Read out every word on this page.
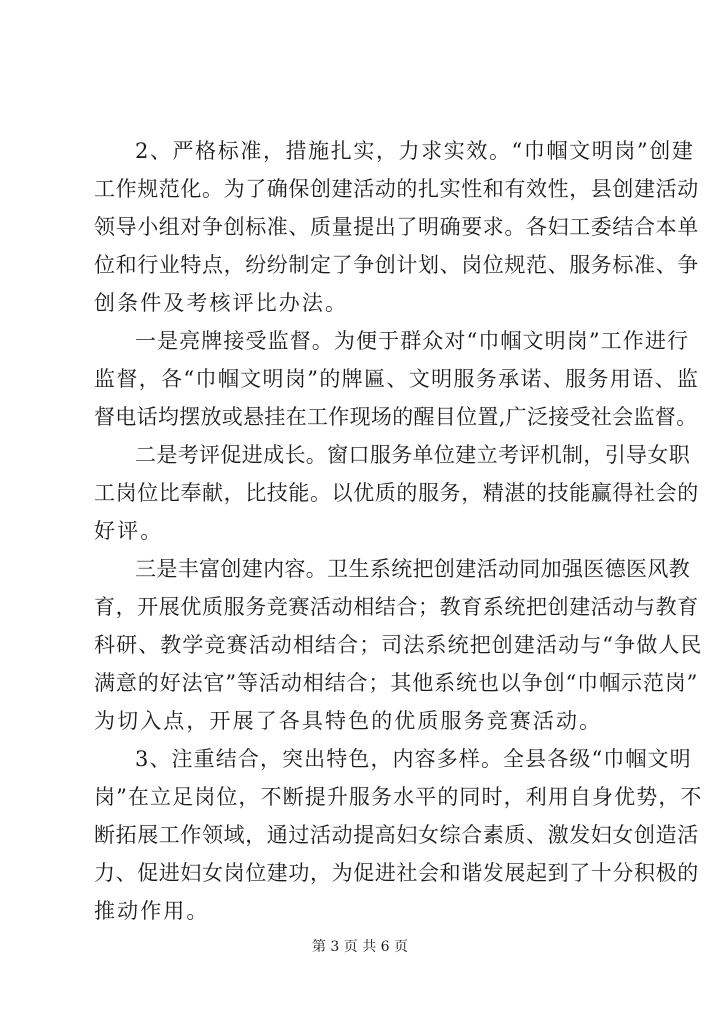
2、严格标准，措施扎实，力求实效。“巾帼文明岗”创建
工作规范化。为了确保创建活动的扎实性和有效性，县创建活动
领导小组对争创标准、质量提出了明确要求。各妇工委结合本单
位和行业特点，纷纷制定了争创计划、岗位规范、服务标准、争
创条件及考核评比办法。
一是亮牌接受监督。为便于群众对“巾帼文明岗”工作进行
监督，各“巾帼文明岗”的牌匾、文明服务承诺、服务用语、监
督电话均摆放或悬挂在工作现场的醒目位置,广泛接受社会监督。
二是考评促进成长。窗口服务单位建立考评机制，引导女职
工岗位比奉献，比技能。以优质的服务，精湛的技能赢得社会的
好评。
三是丰富创建内容。卫生系统把创建活动同加强医德医风教
育，开展优质服务竞赛活动相结合；教育系统把创建活动与教育
科研、教学竞赛活动相结合；司法系统把创建活动与“争做人民
满意的好法官”等活动相结合；其他系统也以争创“巾帼示范岗”
为切入点，开展了各具特色的优质服务竞赛活动。
3、注重结合，突出特色，内容多样。全县各级“巾帼文明
岗”在立足岗位，不断提升服务水平的同时，利用自身优势，不
断拓展工作领域，通过活动提高妇女综合素质、激发妇女创造活
力、促进妇女岗位建功，为促进社会和谐发展起到了十分积极的
推动作用。
第 3 页 共 6 页
